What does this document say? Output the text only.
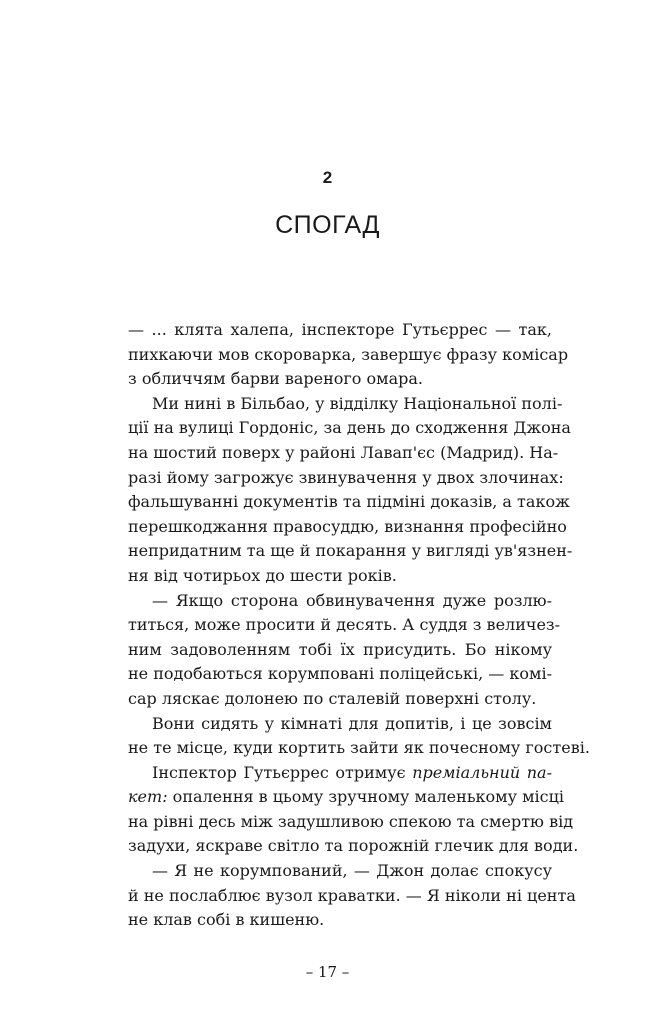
2
СПОГАД
— ... клята халепа, інспекторе Гутьєррес — так,
пихкаючи мов скороварка, завершує фразу комісар
з обличчям барви вареного омара.
Ми нині в Більбао, у відділку Національної полі-
ції на вулиці Гордоніс, за день до сходження Джона
на шостий поверх у районі Лавап'єс (Мадрид). На-
разі йому загрожує звинувачення у двох злочинах:
фальшуванні документів та підміні доказів, а також
перешкоджання правосуддю, визнання професійно
непридатним та ще й покарання у вигляді ув'язнен-
ня від чотирьох до шести років.
— Якщо сторона обвинувачення дуже розлю-
титься, може просити й десять. А суддя з величез-
ним задоволенням тобі їх присудить. Бо нікому
не подобаються корумповані поліцейські, — комі-
сар ляскає долонею по сталевій поверхні столу.
Вони сидять у кімнаті для допитів, і це зовсім
не те місце, куди кортить зайти як почесному гостеві.
Інспектор Гутьєррес отримує преміальний па-
кет: опалення в цьому зручному маленькому місці
на рівні десь між задушливою спекою та смертю від
задухи, яскраве світло та порожній глечик для води.
— Я не корумпований, — Джон долає спокусу
й не послаблює вузол краватки. — Я ніколи ні цента
не клав собі в кишеню.
– 17 –
